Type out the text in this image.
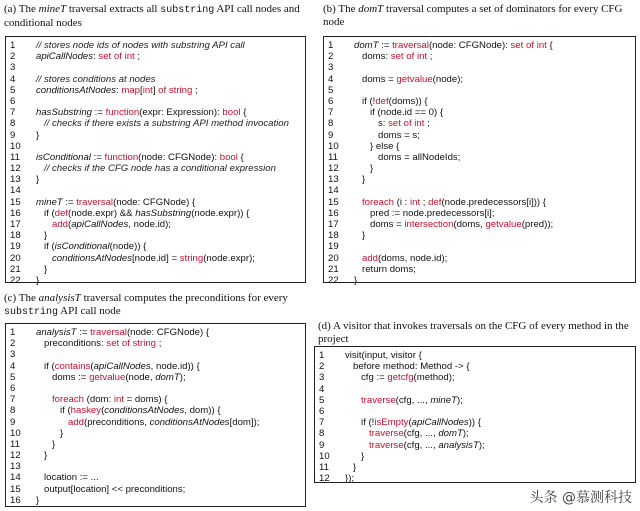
(a) The mineT traversal extracts all substring API call nodes and conditional nodes
(b) The domT traversal computes a set of dominators for every CFG node
1	// stores node ids of nodes with substring API call
2	apiCallNodes: set of int ;
3
4	// stores conditions at nodes
5	conditionsAtNodes: map[int] of string ;
6
7	hasSubstring := function(expr: Expression): bool {
8	// checks if there exists a substring API method invocation
9	}
10
11	isConditional := function(node: CFGNode): bool {
12	// checks if the CFG node has a conditional expression
13 }
14
15	mineT := traversal(node: CFGNode) {
16 if (def(node.expr) && hasSubstring(node.expr)) {
17	add(apiCallNodes, node.id);
18 }
19 if (isConditional(node)) {
20	conditionsAtNodes[node.id] = string(node.expr);
21 }
22 }
1	domT := traversal(node: CFGNode): set of int {
2	doms: set of int ;
3
4	doms = getvalue(node);
5
6	if (!def(doms)) {
7	if (node.id == 0) {
8	s: set of int ;
9	doms = s;
10 } else {
11 doms = allNodeIds;
12 }
13 }
14
15	foreach (i : int ; def(node.predecessors[i])) {
16 pred := node.predecessors[i];
17 doms = intersection(doms, getvalue(pred));
18 }
19
20	add(doms, node.id);
21 return doms;
22 }
(c) The analysisT traversal computes the preconditions for every substring API call node
1	analysisT := traversal(node: CFGNode) {
2	preconditions: set of string ;
3
4	if (contains(apiCallNodes, node.id)) {
5	doms := getvalue(node, domT);
6
7	foreach (dom: int = doms) {
8	if (haskey(conditionsAtNodes, dom)) {
9	add(preconditions, conditionsAtNodes[dom]);
10 }
11 }
12 }
13
14 location := ...
15 output[location] << preconditions;
16 }
(d) A visitor that invokes traversals on the CFG of every method in the project
1	visit(input, visitor {
2	before method: Method -> {
3	cfg := getcfg(method);
4
5	traverse(cfg, ..., mineT);
6
7	if (!isEmpty(apiCallNodes)) {
8	traverse(cfg, ..., domT);
9	traverse(cfg, ..., analysisT);
10 }
11 }
12 });
头条 @慕测科技
